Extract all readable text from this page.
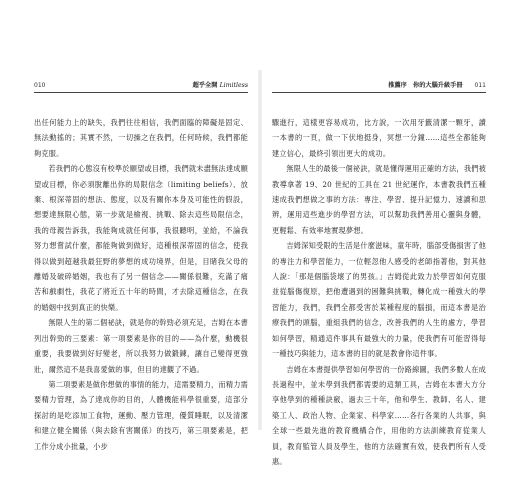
010	超乎全開 Limitless

出任何能力上的缺失，我們往往相信，我們面臨的障礙是固定、無法動搖的；其實不然，一切操之在我們，任何時候，我們都能夠克服。

若我們的心態沒有校準於願望或目標，我們就未盡無法達成願望或目標，你必須脫離出你的局限信念（limiting beliefs）、放棄、根深蒂固的想法、態度，以及有關你本身及可能性的假設，想要達無限心態，第一步就是檢視、挑戰、除去這些局限信念，我的母親告訴我，我能夠成就任何事，我很聽明，並給，不論我努力想嘗試什麼，都能夠做到做好，這種根深蒂固的信念，使我得以做到超越我最狂野的夢想的成功境界，但是，目睹我父母的離婚及破碎婚姻，我也有了另一個信念——關係很難，充滿了痛苦和戲劇性，我花了將近五十年的時間，才去除這種信念，在我的婚姻中找到真正的快樂。

無限人生的第二個祕訣，就是你的幹勁必須充足，吉姆在本書列出幹勁的三要素：第一項要素是你的目的——為什麼，動機很重要，我要做到好好變老，所以我努力做鍛鍊，讓自己變得更強壯，爾然這不是我喜愛做的事，但目的達觀了不過。

第二項要素是做你想做的事情的能力，這需要精力，而精力需要精力管理，為了達成你的目的，人體機能科學很重要，這部分探討的是吃添加工食物，運動、壓力管理，優質睡眠，以及清潔和建立健全關係（與去除有害關係）的技巧，第三項要素是，把工作分成小批量，小步

推薦序　你的大腦升級手冊 011

驟進行，這樣更容易成功，比方說，一次用牙籤清潔一顆牙，讀一本書的一頁，做一下伏地挺身，冥想一分鐘……這些全都能夠建立信心，最終引領出更大的成功。

無限人生的最後一個祕訣，就是懂得運用正確的方法，我們被教導拿著 19、20 世紀的工具在 21 世紀運作，本書教我們五種速成我們想做之事的方法：專注、學習、提升記憶力、速讀和思辨，運用這些進步的學習方法，可以幫助我們善用心靈與身體，更輕鬆、有效率地實現夢想。

吉姆深知受限的生活是什麼滋味，童年時，腦部受傷損害了他的專注力和學習能力，一位輕忽他人感受的老師指著他，對其他人說：「那是個腦袋壞了的男孩。」吉姆從此致力於學習如何克服並從腦傷復原，把他遭遇到的困難與挑戰，轉化成一種強大的學習能力，我們，我們全都受害於某種程度的腦損，而這本書是治療我們的頭腦，重組我們的信念，改善我們的人生的處方，學習如何學習，精通這件事具有最強大的力量，使我們有可能習得每一種技巧與能力，這本書的目的就是教會你這件事。

吉姆在本書提供學習如何學習的一份路線圖，我們多數人在成長過程中，並未學到我們都需要的這類工具，吉姆在本書大方分享他學到的種種訣竅，過去三十年，他和學生、教師、名人、建築工人、政治人物、企業家、科學家……各行各業的人共事，與全球一些最先進的教育機構合作，用他的方法訓練教育從業人員，教育監管人員及學生，他的方法確實有效，使我們所有人受惠。
